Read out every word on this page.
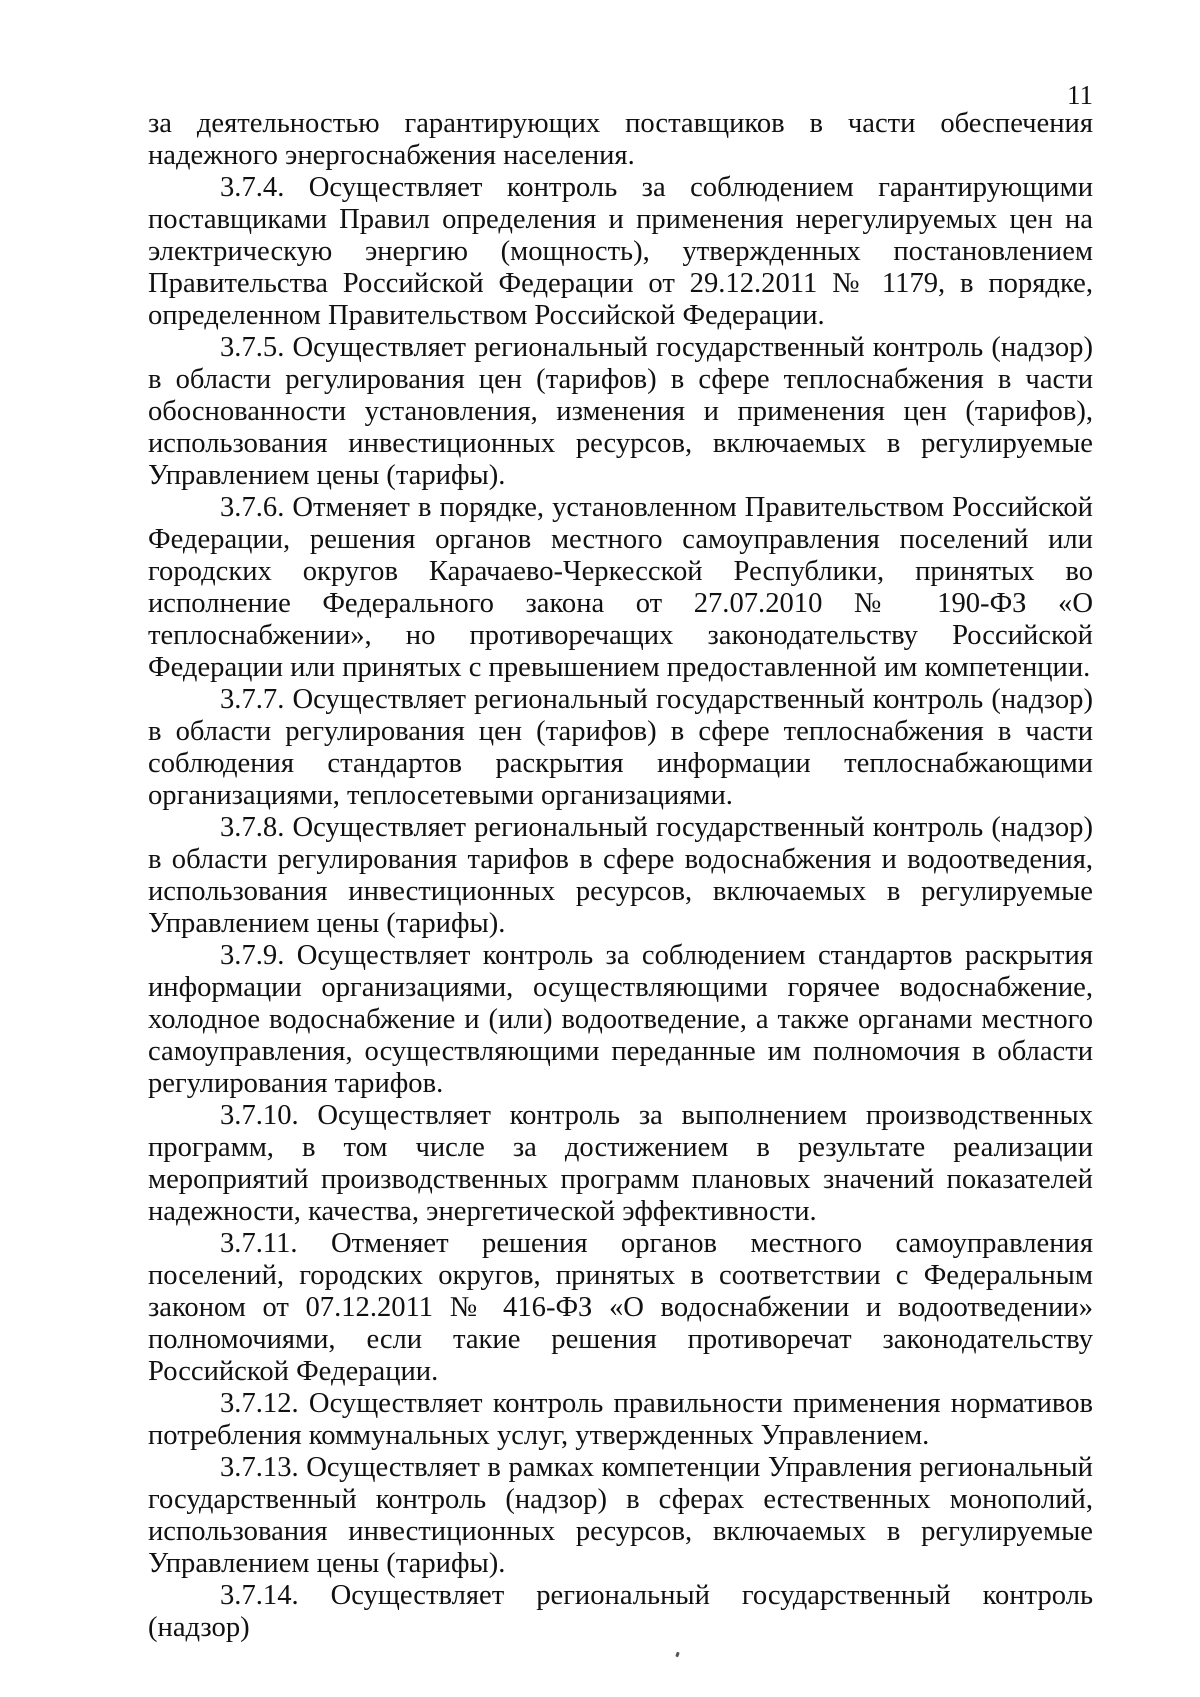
11

за деятельностью гарантирующих поставщиков в части обеспечения надежного энергоснабжения населения.

3.7.4. Осуществляет контроль за соблюдением гарантирующими поставщиками Правил определения и применения нерегулируемых цен на электрическую энергию (мощность), утвержденных постановлением Правительства Российской Федерации от 29.12.2011 № 1179, в порядке, определенном Правительством Российской Федерации.

3.7.5. Осуществляет региональный государственный контроль (надзор) в области регулирования цен (тарифов) в сфере теплоснабжения в части обоснованности установления, изменения и применения цен (тарифов), использования инвестиционных ресурсов, включаемых в регулируемые Управлением цены (тарифы).

3.7.6. Отменяет в порядке, установленном Правительством Российской Федерации, решения органов местного самоуправления поселений или городских округов Карачаево-Черкесской Республики, принятых во исполнение Федерального закона от 27.07.2010 № 190-ФЗ «О теплоснабжении», но противоречащих законодательству Российской Федерации или принятых с превышением предоставленной им компетенции.

3.7.7. Осуществляет региональный государственный контроль (надзор) в области регулирования цен (тарифов) в сфере теплоснабжения в части соблюдения стандартов раскрытия информации теплоснабжающими организациями, теплосетевыми организациями.

3.7.8. Осуществляет региональный государственный контроль (надзор) в области регулирования тарифов в сфере водоснабжения и водоотведения, использования инвестиционных ресурсов, включаемых в регулируемые Управлением цены (тарифы).

3.7.9. Осуществляет контроль за соблюдением стандартов раскрытия информации организациями, осуществляющими горячее водоснабжение, холодное водоснабжение и (или) водоотведение, а также органами местного самоуправления, осуществляющими переданные им полномочия в области регулирования тарифов.

3.7.10. Осуществляет контроль за выполнением производственных программ, в том числе за достижением в результате реализации мероприятий производственных программ плановых значений показателей надежности, качества, энергетической эффективности.

3.7.11. Отменяет решения органов местного самоуправления поселений, городских округов, принятых в соответствии с Федеральным законом от 07.12.2011 № 416-ФЗ «О водоснабжении и водоотведении» полномочиями, если такие решения противоречат законодательству Российской Федерации.

3.7.12. Осуществляет контроль правильности применения нормативов потребления коммунальных услуг, утвержденных Управлением.

3.7.13. Осуществляет в рамках компетенции Управления региональный государственный контроль (надзор) в сферах естественных монополий, использования инвестиционных ресурсов, включаемых в регулируемые Управлением цены (тарифы).

3.7.14. Осуществляет региональный государственный контроль (надзор)
